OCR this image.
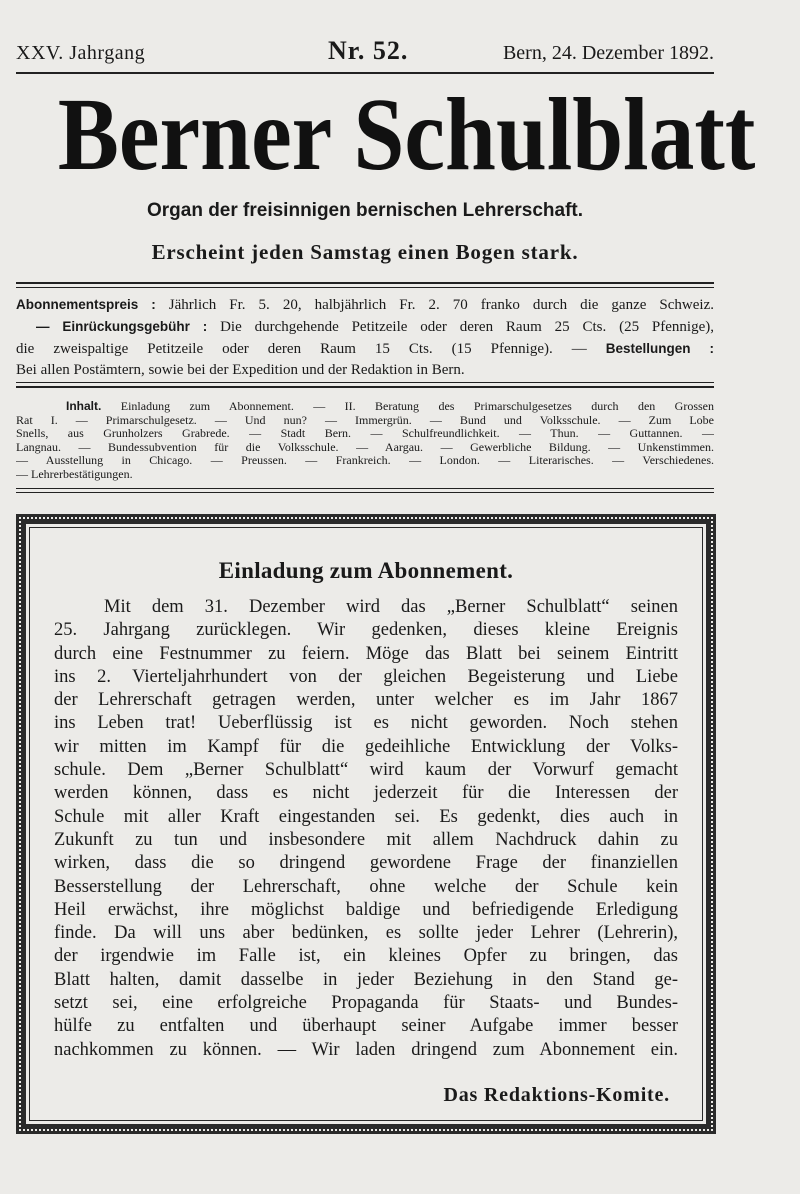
XXV. Jahrgang	Nr. 52.	Bern, 24. Dezember 1892.
Berner Schulblatt
Organ der freisinnigen bernischen Lehrerschaft.
Erscheint jeden Samstag einen Bogen stark.
Abonnementspreis : Jährlich Fr. 5. 20, halbjährlich Fr. 2. 70 franko durch die ganze Schweiz.
— Einrückungsgebühr : Die durchgehende Petitzeile oder deren Raum 25 Cts. (25 Pfennige),
die zweispaltige Petitzeile oder deren Raum 15 Cts. (15 Pfennige). — Bestellungen :
Bei allen Postämtern, sowie bei der Expedition und der Redaktion in Bern.
Inhalt. Einladung zum Abonnement. — II. Beratung des Primarschulgesetzes durch den Grossen
Rat I. — Primarschulgesetz. — Und nun? — Immergrün. — Bund und Volksschule. — Zum Lobe
Snells, aus Grunholzers Grabrede. — Stadt Bern. — Schulfreundlichkeit. — Thun. — Guttannen. —
Langnau. — Bundessubvention für die Volksschule. — Aargau. — Gewerbliche Bildung. — Unkenstimmen.
— Ausstellung in Chicago. — Preussen. — Frankreich. — London. — Literarisches. — Verschiedenes.
— Lehrerbestätigungen.
Einladung zum Abonnement.
Mit dem 31. Dezember wird das „Berner Schulblatt“ seinen
25. Jahrgang zurücklegen. Wir gedenken, dieses kleine Ereignis
durch eine Festnummer zu feiern. Möge das Blatt bei seinem Eintritt
ins 2. Vierteljahrhundert von der gleichen Begeisterung und Liebe
der Lehrerschaft getragen werden, unter welcher es im Jahr 1867
ins Leben trat! Ueberflüssig ist es nicht geworden. Noch stehen
wir mitten im Kampf für die gedeihliche Entwicklung der Volks-
schule. Dem „Berner Schulblatt“ wird kaum der Vorwurf gemacht
werden können, dass es nicht jederzeit für die Interessen der
Schule mit aller Kraft eingestanden sei. Es gedenkt, dies auch in
Zukunft zu tun und insbesondere mit allem Nachdruck dahin zu
wirken, dass die so dringend gewordene Frage der finanziellen
Besserstellung der Lehrerschaft, ohne welche der Schule kein
Heil erwächst, ihre möglichst baldige und befriedigende Erledigung
finde. Da will uns aber bedünken, es sollte jeder Lehrer (Lehrerin),
der irgendwie im Falle ist, ein kleines Opfer zu bringen, das
Blatt halten, damit dasselbe in jeder Beziehung in den Stand ge-
setzt sei, eine erfolgreiche Propaganda für Staats- und Bundes-
hülfe zu entfalten und überhaupt seiner Aufgabe immer besser
nachkommen zu können. — Wir laden dringend zum Abonnement ein.
Das Redaktions-Komite.
